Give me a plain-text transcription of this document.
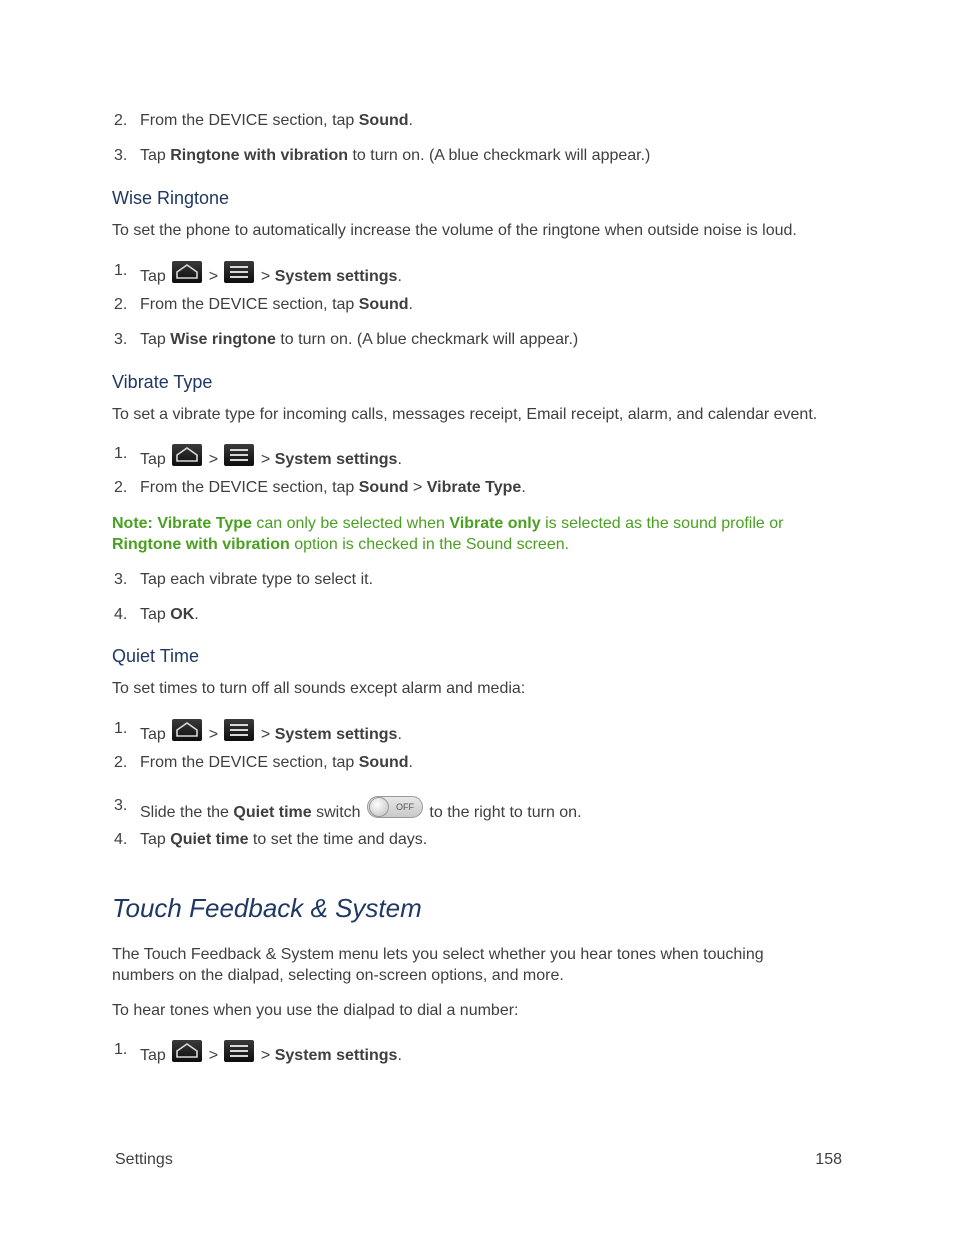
2. From the DEVICE section, tap Sound.
3. Tap Ringtone with vibration to turn on. (A blue checkmark will appear.)
Wise Ringtone
To set the phone to automatically increase the volume of the ringtone when outside noise is loud.
1. Tap
>
> System settings.
2. From the DEVICE section, tap Sound.
3. Tap Wise ringtone to turn on. (A blue checkmark will appear.)
Vibrate Type
To set a vibrate type for incoming calls, messages receipt, Email receipt, alarm, and calendar event.
1. Tap
>
> System settings.
2. From the DEVICE section, tap Sound > Vibrate Type.
Note: Vibrate Type can only be selected when Vibrate only is selected as the sound profile or
Ringtone with vibration option is checked in the Sound screen.
3. Tap each vibrate type to select it.
4. Tap OK.
Quiet Time
To set times to turn off all sounds except alarm and media:
1. Tap
>
> System settings.
2. From the DEVICE section, tap Sound.
3. Slide the the Quiet time switch	OFF to the right to turn on.
4. Tap Quiet time to set the time and days.
Touch Feedback & System
The Touch Feedback & System menu lets you select whether you hear tones when touching numbers on the dialpad, selecting on-screen options, and more.
To hear tones when you use the dialpad to dial a number:
1. Tap
>
> System settings.
Settings	158
